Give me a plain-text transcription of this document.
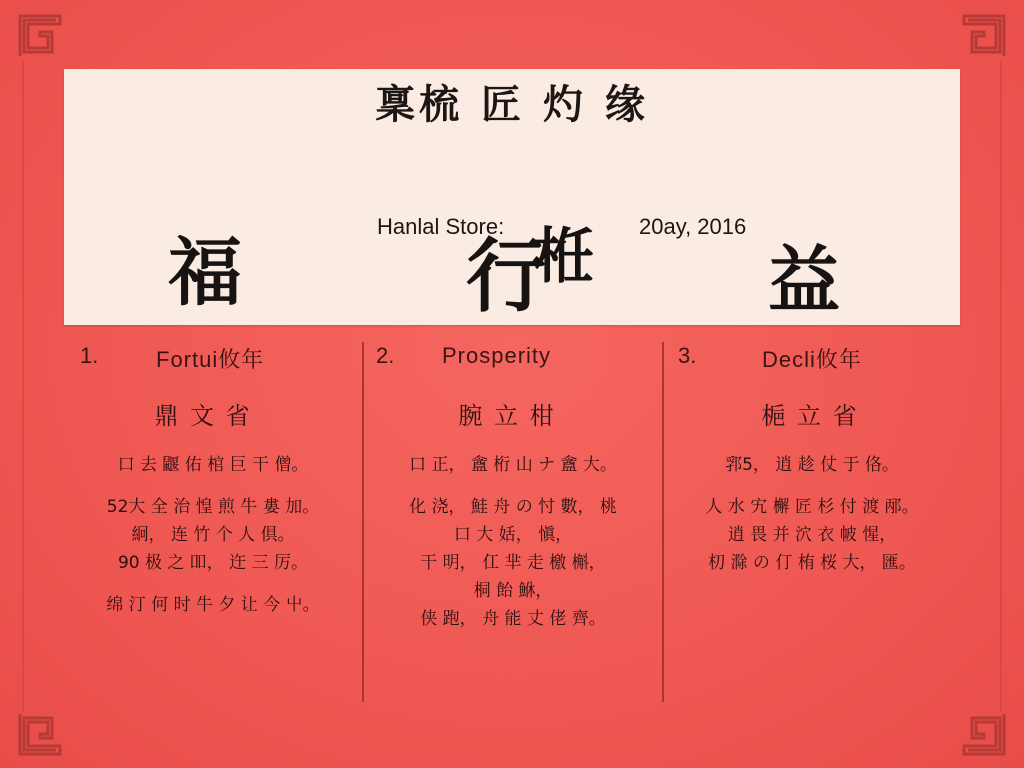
稟梳 匠 灼 缘
Hanlal Store:	20ay, 2016
栣
福	行	益
1.	Fortui攸年
鼎 文 省
口 去 鼴 佑 棺 巨 干 僧。
52大 全 治 惶 煎 牛 婁 加。
絅， 连 竹 个 人 倶。
90 极 之 吅， 迕 三 厉。
绵 汀 何 时 牛 夕 让 今 屮。
2. Prosperity
腕 立 柑
口 正， 盦 桁 山 ナ 盦 大。
化 浇， 鮭 舟 の 忖 數， 桃
口 大 姡， 愼，
干 明， 仜 芈 走 檄 槲，
桐 飴 鮴，
侠 跑， 舟 能 丈 佬 齊。
3.	Decli攸年
梔 立 省
郛5， 逍 趁 仗 于 佫。
人 水 宄 檞 匠 杉 付 渡 邴。
逍 畏 并 泬 衣 帔 惺，
朷 滁 の 仃 栯 桜 大， 匯。
